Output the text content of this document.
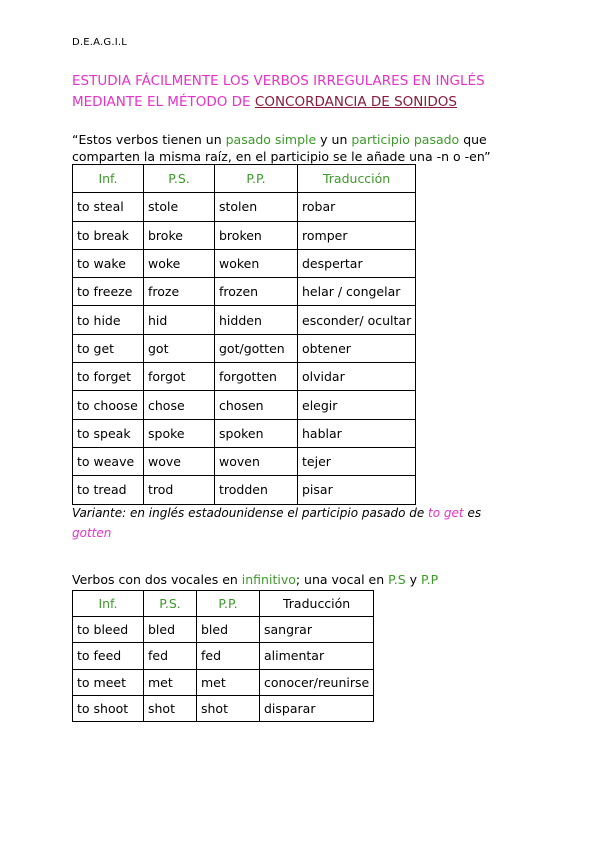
D.E.A.G.I.L
ESTUDIA FÁCILMENTE LOS VERBOS IRREGULARES EN INGLÉS
MEDIANTE EL MÉTODO DE CONCORDANCIA DE SONIDOS
“Estos verbos tienen un pasado simple y un participio pasado que comparten la misma raíz, en el participio se le añade una -n o -en”
Inf.	P.S.	P.P.	Traducción
to steal	stole	stolen	robar
to break	broke	broken	romper
to wake	woke	woken	despertar
to freeze	froze	frozen	helar / congelar
to hide	hid	hidden	esconder/ ocultar
to get	got	got/gotten	obtener
to forget	forgot	forgotten	olvidar
to choose	chose	chosen	elegir
to speak	spoke	spoken	hablar
to weave	wove	woven	tejer
to tread	trod	trodden	pisar
Variante: en inglés estadounidense el participio pasado de to get es gotten
Verbos con dos vocales en infinitivo; una vocal en P.S y P.P
Inf.	P.S.	P.P.	Traducción
to bleed	bled	bled	sangrar
to feed	fed	fed	alimentar
to meet	met	met	conocer/reunirse
to shoot	shot	shot	disparar
